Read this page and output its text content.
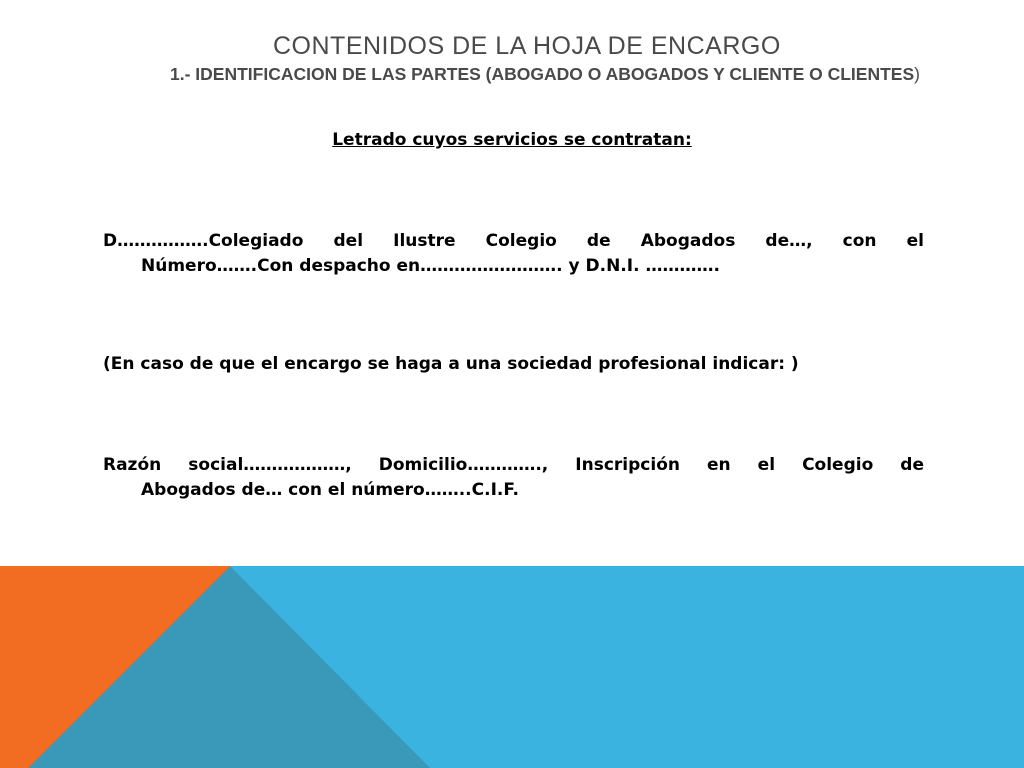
CONTENIDOS DE LA HOJA DE ENCARGO
1.- IDENTIFICACION DE LAS PARTES (ABOGADO O ABOGADOS Y CLIENTE O CLIENTES)
Letrado cuyos servicios se contratan:
D…………….Colegiado del Ilustre Colegio de Abogados de…, con el
Número…….Con despacho en……………………. y D.N.I. ………….
(En caso de que el encargo se haga a una sociedad profesional indicar: )
Razón social………………, Domicilio…………., Inscripción en el Colegio de
Abogados de… con el número……..C.I.F.
